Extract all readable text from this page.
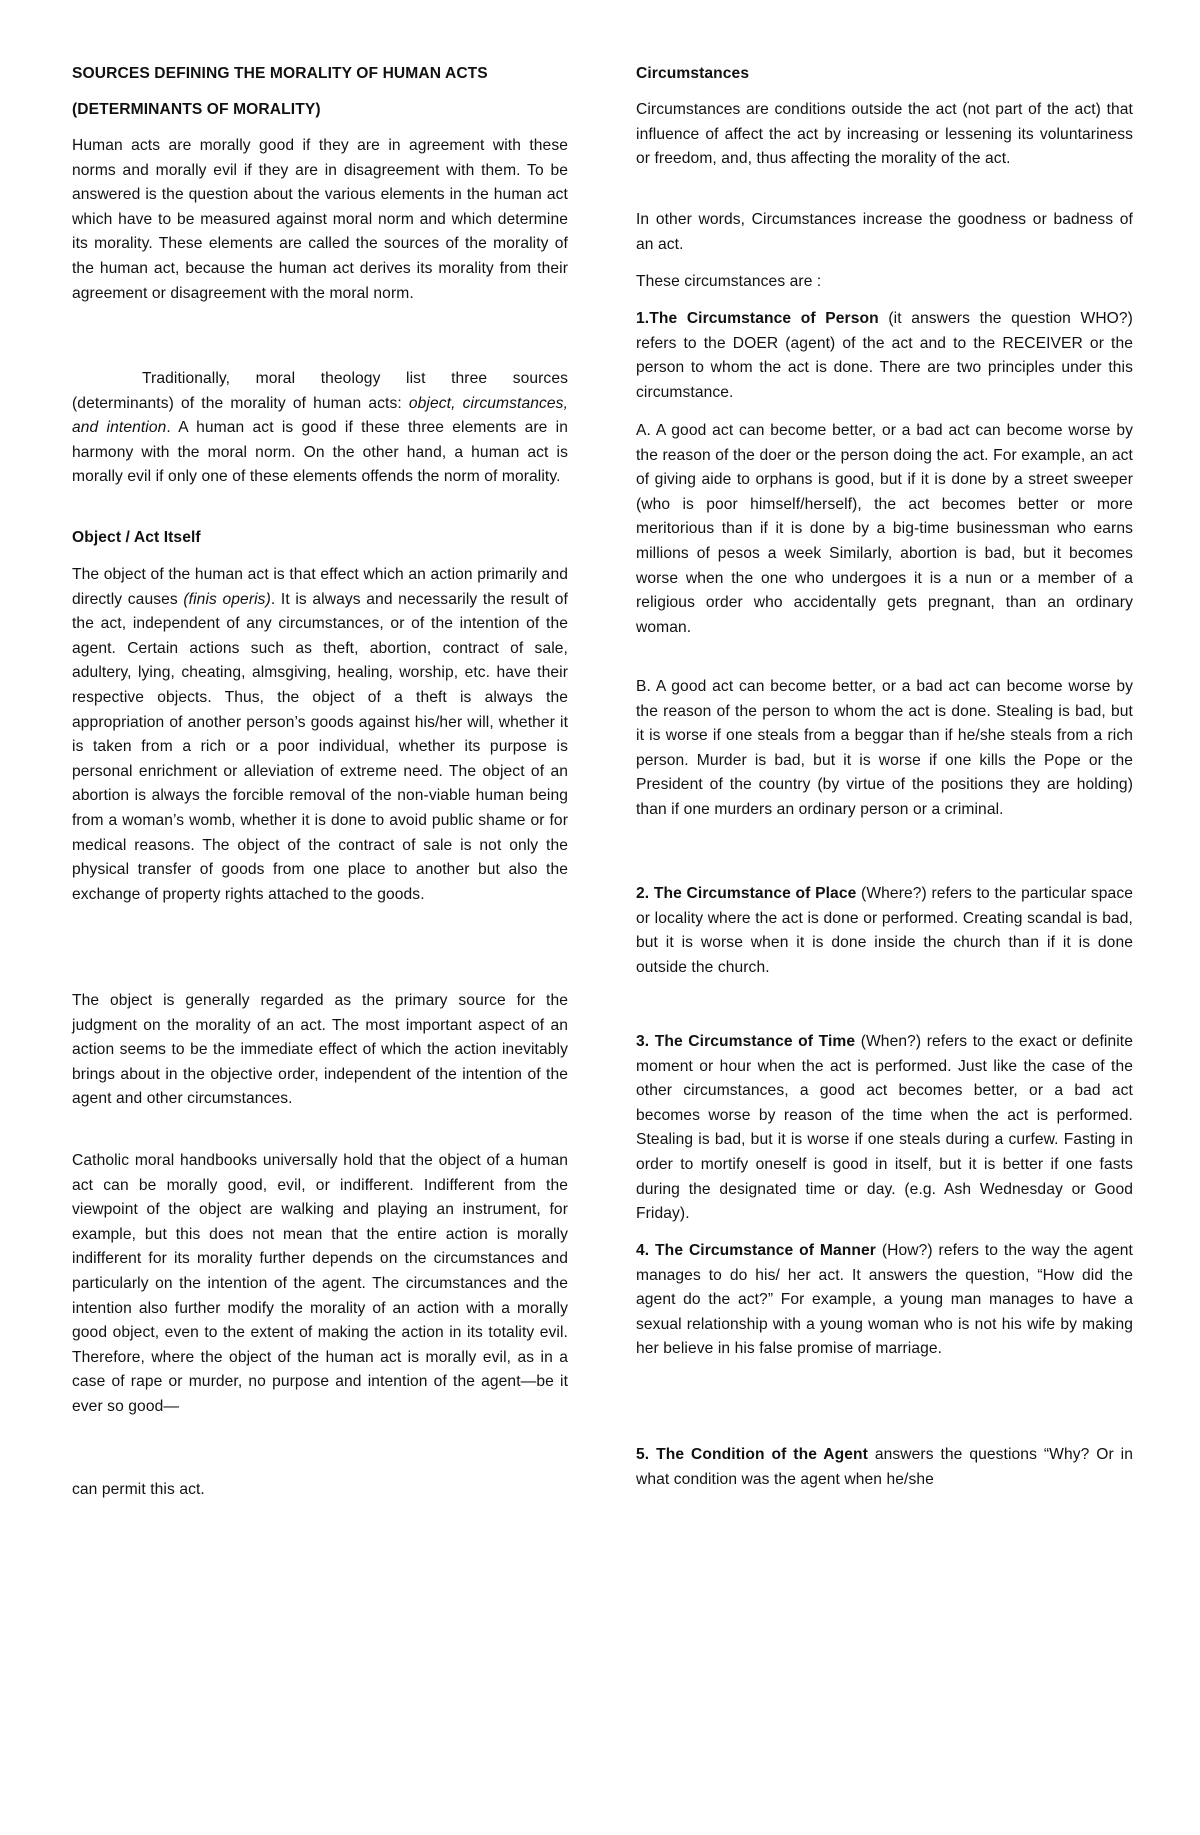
SOURCES DEFINING THE MORALITY OF HUMAN ACTS

(DETERMINANTS OF MORALITY)

Human acts are morally good if they are in agreement with these norms and morally evil if they are in disagreement with them. To be answered is the question about the various elements in the human act which have to be measured against moral norm and which determine its morality. These elements are called the sources of the morality of the human act, because the human act derives its morality from their agreement or disagreement with the moral norm.

Traditionally, moral theology list three sources (determinants) of the morality of human acts: object, circumstances, and intention. A human act is good if these three elements are in harmony with the moral norm. On the other hand, a human act is morally evil if only one of these elements offends the norm of morality.

Object / Act Itself

The object of the human act is that effect which an action primarily and directly causes (finis operis). It is always and necessarily the result of the act, independent of any circumstances, or of the intention of the agent. Certain actions such as theft, abortion, contract of sale, adultery, lying, cheating, almsgiving, healing, worship, etc. have their respective objects. Thus, the object of a theft is always the appropriation of another person’s goods against his/her will, whether it is taken from a rich or a poor individual, whether its purpose is personal enrichment or alleviation of extreme need. The object of an abortion is always the forcible removal of the non-viable human being from a woman’s womb, whether it is done to avoid public shame or for medical reasons. The object of the contract of sale is not only the physical transfer of goods from one place to another but also the exchange of property rights attached to the goods.

The object is generally regarded as the primary source for the judgment on the morality of an act. The most important aspect of an action seems to be the immediate effect of which the action inevitably brings about in the objective order, independent of the intention of the agent and other circumstances.

Catholic moral handbooks universally hold that the object of a human act can be morally good, evil, or indifferent. Indifferent from the viewpoint of the object are walking and playing an instrument, for example, but this does not mean that the entire action is morally indifferent for its morality further depends on the circumstances and particularly on the intention of the agent. The circumstances and the intention also further modify the morality of an action with a morally good object, even to the extent of making the action in its totality evil. Therefore, where the object of the human act is morally evil, as in a case of rape or murder, no purpose and intention of the agent—be it ever so good—

can permit this act.

Circumstances

Circumstances are conditions outside the act (not part of the act) that influence of affect the act by increasing or lessening its voluntariness or freedom, and, thus affecting the morality of the act.

In other words, Circumstances increase the goodness or badness of an act.

These circumstances are :

1.The Circumstance of Person (it answers the question WHO?) refers to the DOER (agent) of the act and to the RECEIVER or the person to whom the act is done. There are two principles under this circumstance.

A. A good act can become better, or a bad act can become worse by the reason of the doer or the person doing the act. For example, an act of giving aide to orphans is good, but if it is done by a street sweeper (who is poor himself/herself), the act becomes better or more meritorious than if it is done by a big-time businessman who earns millions of pesos a week Similarly, abortion is bad, but it becomes worse when the one who undergoes it is a nun or a member of a religious order who accidentally gets pregnant, than an ordinary woman.

B. A good act can become better, or a bad act can become worse by the reason of the person to whom the act is done. Stealing is bad, but it is worse if one steals from a beggar than if he/she steals from a rich person. Murder is bad, but it is worse if one kills the Pope or the President of the country (by virtue of the positions they are holding) than if one murders an ordinary person or a criminal.

2. The Circumstance of Place (Where?) refers to the particular space or locality where the act is done or performed. Creating scandal is bad, but it is worse when it is done inside the church than if it is done outside the church.

3. The Circumstance of Time (When?) refers to the exact or definite moment or hour when the act is performed. Just like the case of the other circumstances, a good act becomes better, or a bad act becomes worse by reason of the time when the act is performed. Stealing is bad, but it is worse if one steals during a curfew. Fasting in order to mortify oneself is good in itself, but it is better if one fasts during the designated time or day. (e.g. Ash Wednesday or Good Friday).

4. The Circumstance of Manner (How?) refers to the way the agent manages to do his/ her act. It answers the question, “How did the agent do the act?” For example, a young man manages to have a sexual relationship with a young woman who is not his wife by making her believe in his false promise of marriage.

5. The Condition of the Agent answers the questions “Why? Or in what condition was the agent when he/she
